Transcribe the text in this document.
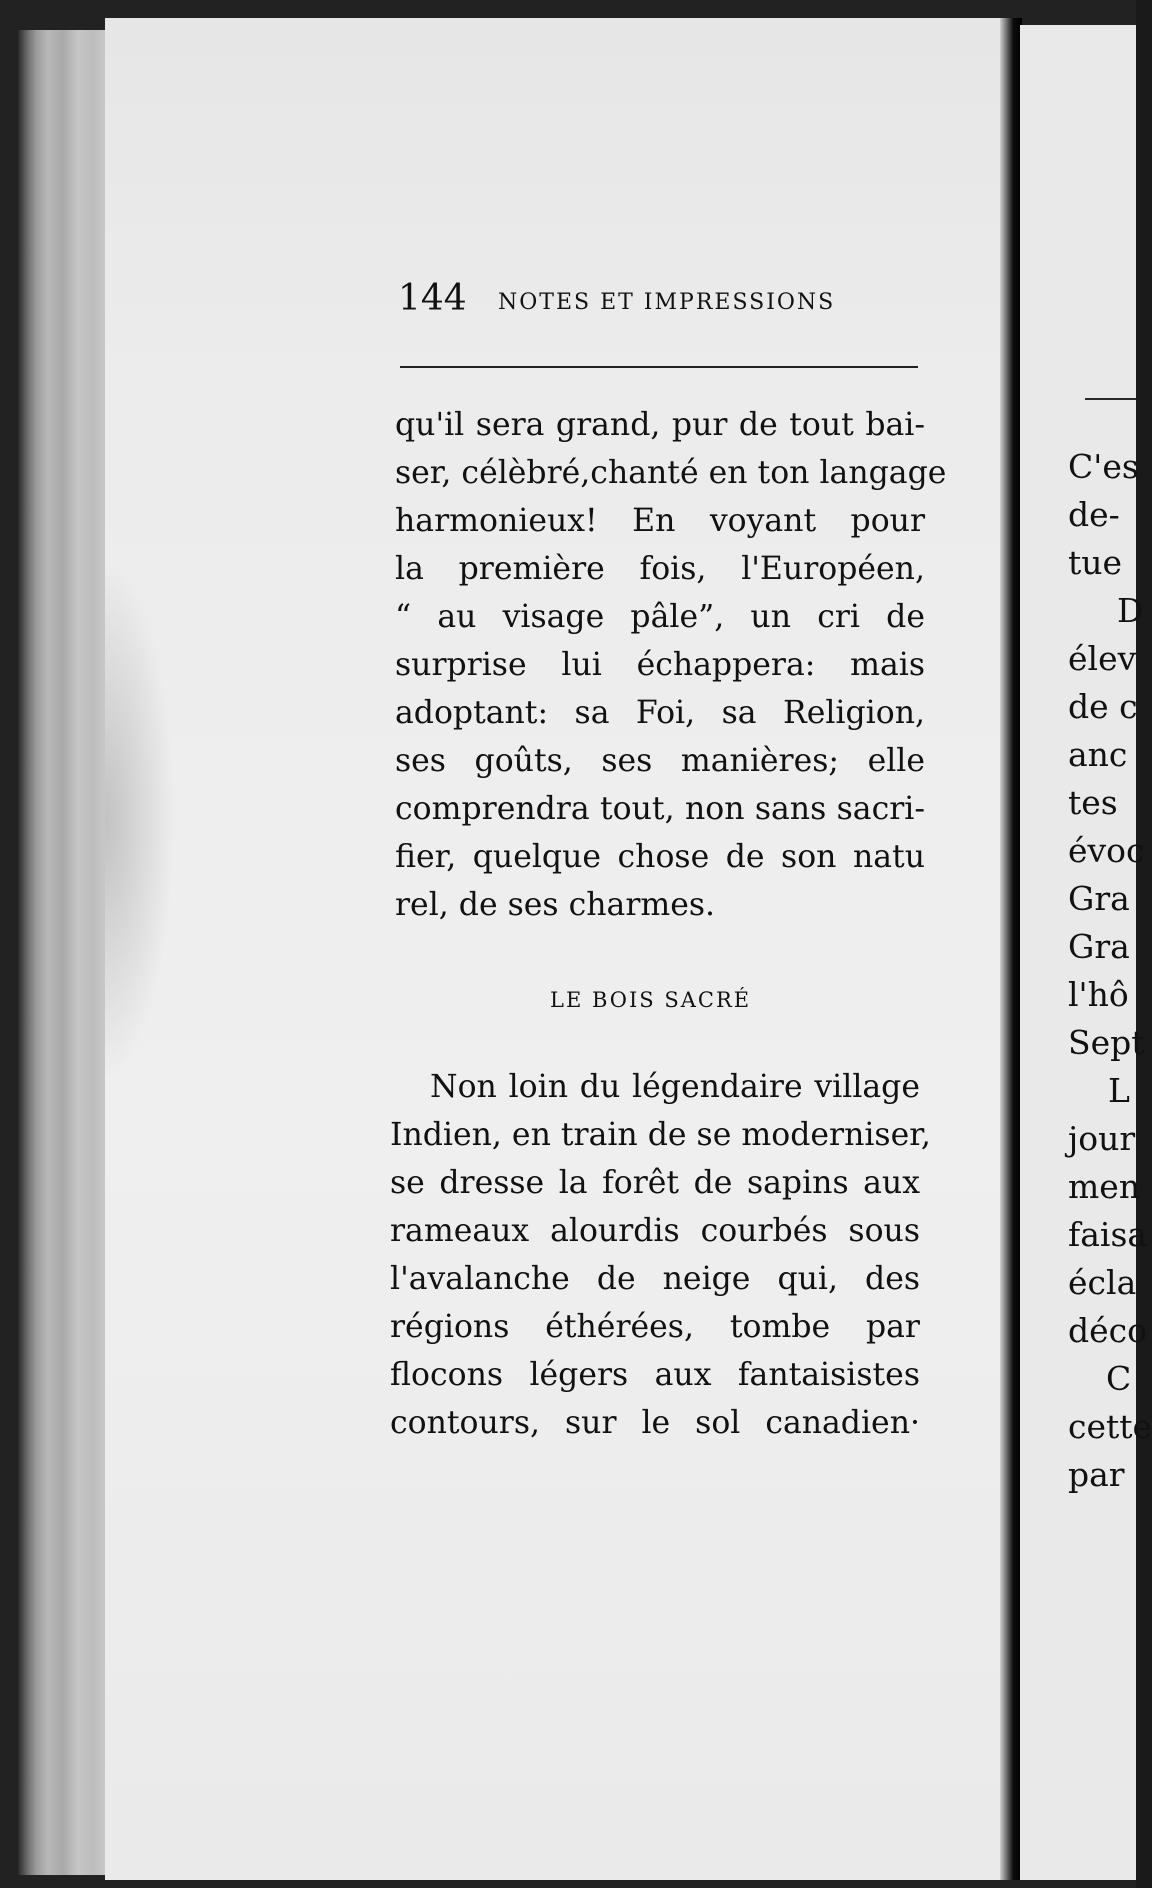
C'es
de-
tue
D
élev
de c
anc
tes
évoc
Gra
Gra
l'hô
Sept
L
jour
men
faisa
écla
déco
C
cette
par
144 NOTES ET IMPRESSIONS
qu'il sera grand, pur de tout bai-
ser, célèbré,chanté en ton langage
harmonieux! En voyant pour
la première fois, l'Européen,
“ au visage pâle”, un cri de
surprise lui échappera: mais
adoptant: sa Foi, sa Religion,
ses goûts, ses manières; elle
comprendra tout, non sans sacri-
fier, quelque chose de son natu
rel, de ses charmes.
LE BOIS SACRÉ
Non loin du légendaire village
Indien, en train de se moderniser,
se dresse la forêt de sapins aux
rameaux alourdis courbés sous
l'avalanche de neige qui, des
régions éthérées, tombe par
flocons légers aux fantaisistes
contours, sur le sol canadien·
